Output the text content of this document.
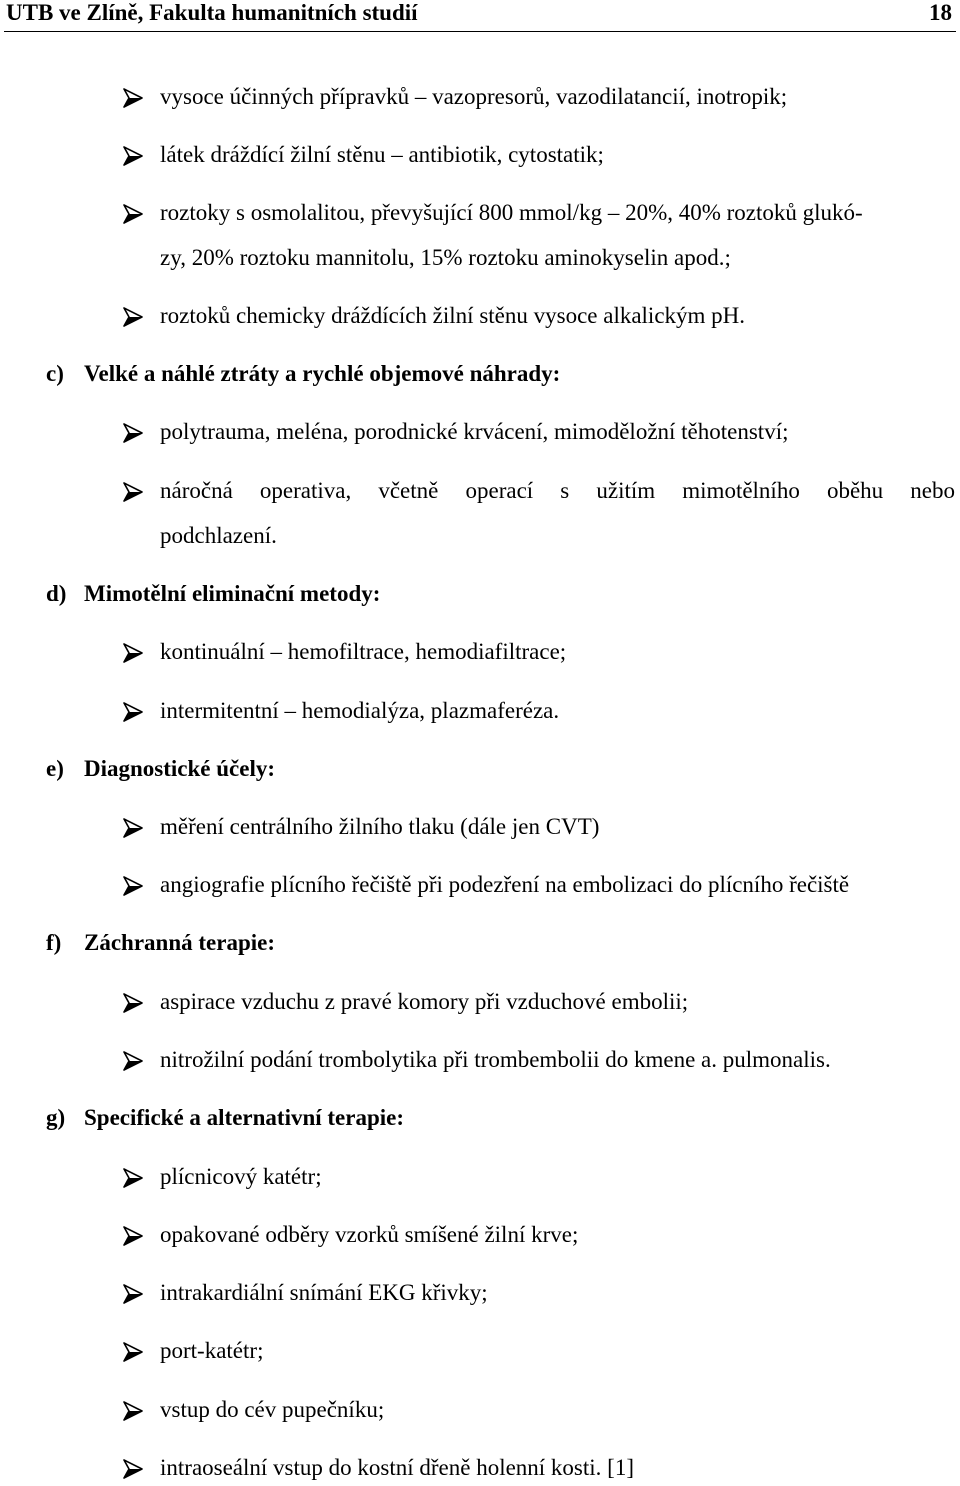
UTB ve Zlíně, Fakulta humanitních studií	18
vysoce účinných přípravků – vazopresorů, vazodilatancií, inotropik;
látek dráždící žilní stěnu – antibiotik, cytostatik;
roztoky s osmolalitou, převyšující 800 mmol/kg – 20%, 40% roztoků glukó-
zy, 20% roztoku mannitolu, 15% roztoku aminokyselin apod.;
roztoků chemicky dráždících žilní stěnu vysoce alkalickým pH.
c) Velké a náhlé ztráty a rychlé objemové náhrady:
polytrauma, meléna, porodnické krvácení, mimoděložní těhotenství;
náročná operativa, včetně operací s užitím mimotělního oběhu nebo
podchlazení.
d) Mimotělní eliminační metody:
kontinuální – hemofiltrace, hemodiafiltrace;
intermitentní – hemodialýza, plazmaferéza.
e) Diagnostické účely:
měření centrálního žilního tlaku (dále jen CVT)
angiografie plícního řečiště při podezření na embolizaci do plícního řečiště
f) Záchranná terapie:
aspirace vzduchu z pravé komory při vzduchové embolii;
nitrožilní podání trombolytika při trombembolii do kmene a. pulmonalis.
g) Specifické a alternativní terapie:
plícnicový katétr;
opakované odběry vzorků smíšené žilní krve;
intrakardiální snímání EKG křivky;
port-katétr;
vstup do cév pupečníku;
intraoseální vstup do kostní dřeně holenní kosti. [1]
